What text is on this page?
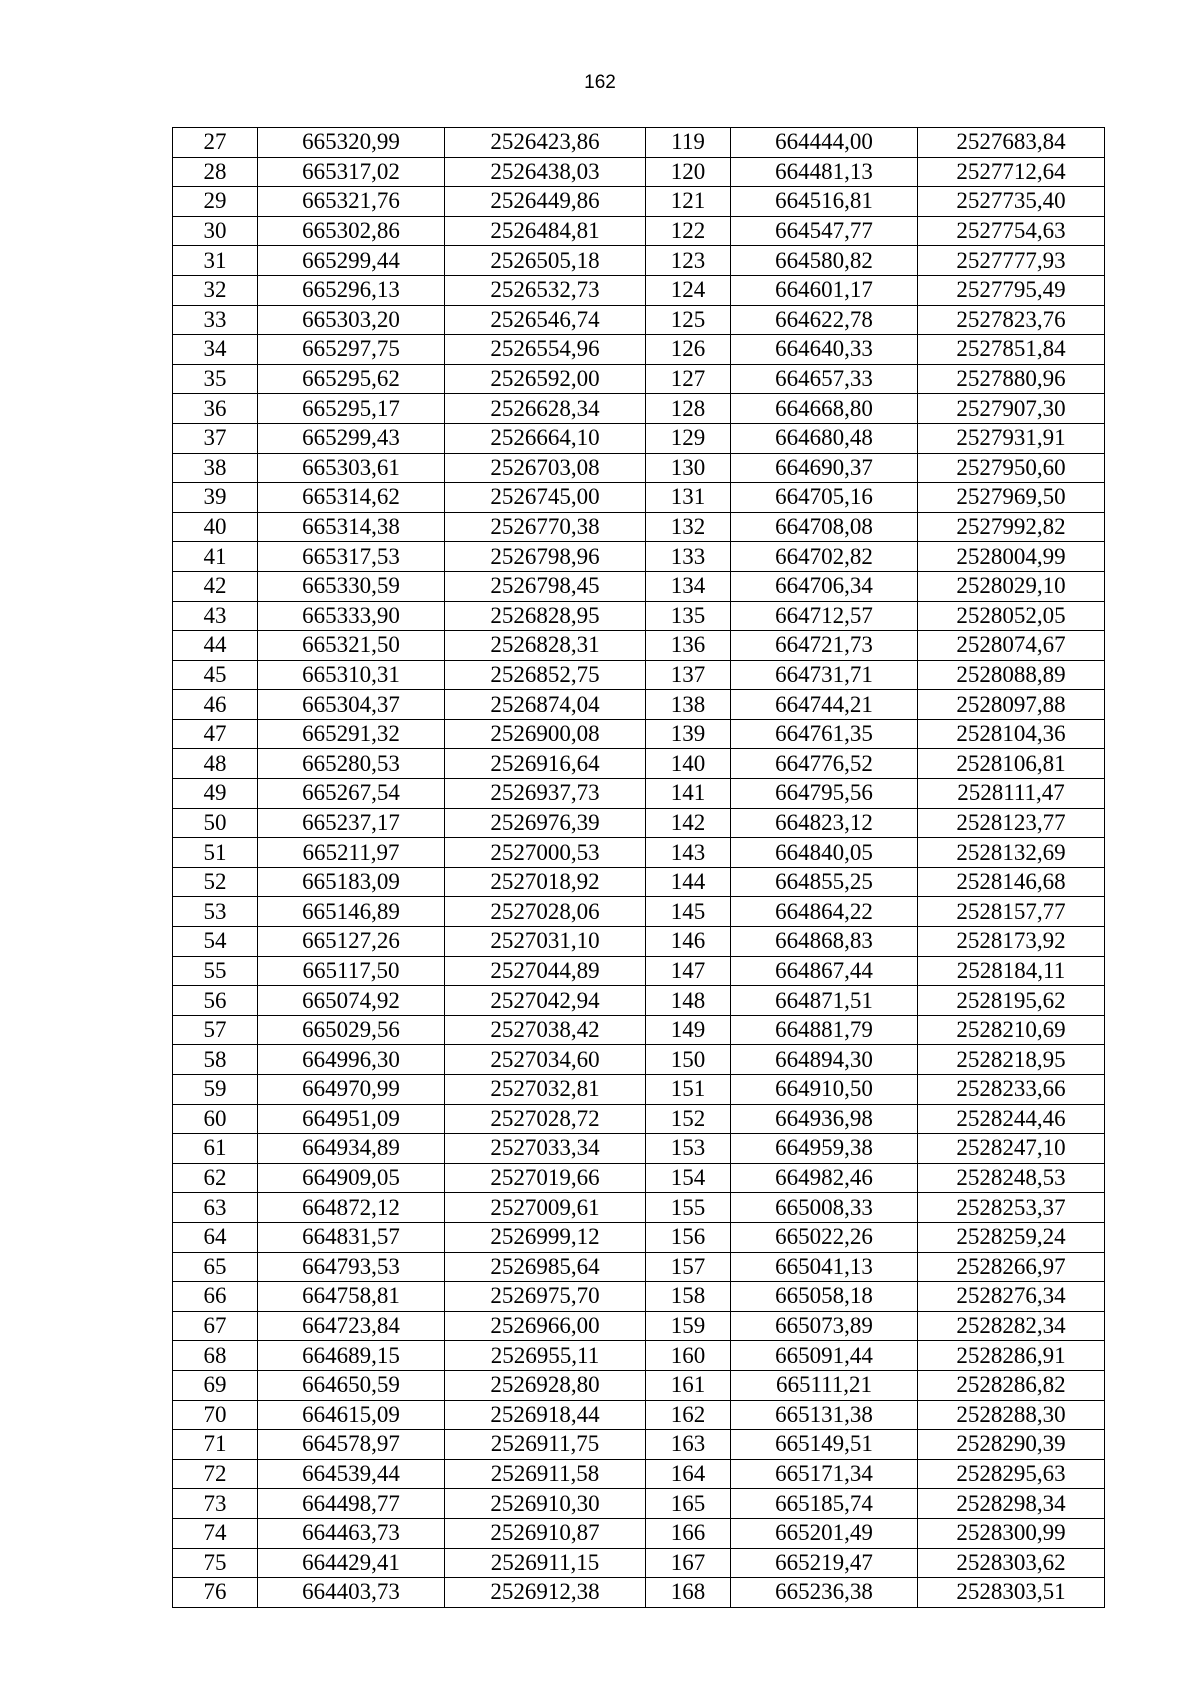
162
27	665320,99	2526423,86	119	664444,00	2527683,84
28	665317,02	2526438,03	120	664481,13	2527712,64
29	665321,76	2526449,86	121	664516,81	2527735,40
30	665302,86	2526484,81	122	664547,77	2527754,63
31	665299,44	2526505,18	123	664580,82	2527777,93
32	665296,13	2526532,73	124	664601,17	2527795,49
33	665303,20	2526546,74	125	664622,78	2527823,76
34	665297,75	2526554,96	126	664640,33	2527851,84
35	665295,62	2526592,00	127	664657,33	2527880,96
36	665295,17	2526628,34	128	664668,80	2527907,30
37	665299,43	2526664,10	129	664680,48	2527931,91
38	665303,61	2526703,08	130	664690,37	2527950,60
39	665314,62	2526745,00	131	664705,16	2527969,50
40	665314,38	2526770,38	132	664708,08	2527992,82
41	665317,53	2526798,96	133	664702,82	2528004,99
42	665330,59	2526798,45	134	664706,34	2528029,10
43	665333,90	2526828,95	135	664712,57	2528052,05
44	665321,50	2526828,31	136	664721,73	2528074,67
45	665310,31	2526852,75	137	664731,71	2528088,89
46	665304,37	2526874,04	138	664744,21	2528097,88
47	665291,32	2526900,08	139	664761,35	2528104,36
48	665280,53	2526916,64	140	664776,52	2528106,81
49	665267,54	2526937,73	141	664795,56	2528111,47
50	665237,17	2526976,39	142	664823,12	2528123,77
51	665211,97	2527000,53	143	664840,05	2528132,69
52	665183,09	2527018,92	144	664855,25	2528146,68
53	665146,89	2527028,06	145	664864,22	2528157,77
54	665127,26	2527031,10	146	664868,83	2528173,92
55	665117,50	2527044,89	147	664867,44	2528184,11
56	665074,92	2527042,94	148	664871,51	2528195,62
57	665029,56	2527038,42	149	664881,79	2528210,69
58	664996,30	2527034,60	150	664894,30	2528218,95
59	664970,99	2527032,81	151	664910,50	2528233,66
60	664951,09	2527028,72	152	664936,98	2528244,46
61	664934,89	2527033,34	153	664959,38	2528247,10
62	664909,05	2527019,66	154	664982,46	2528248,53
63	664872,12	2527009,61	155	665008,33	2528253,37
64	664831,57	2526999,12	156	665022,26	2528259,24
65	664793,53	2526985,64	157	665041,13	2528266,97
66	664758,81	2526975,70	158	665058,18	2528276,34
67	664723,84	2526966,00	159	665073,89	2528282,34
68	664689,15	2526955,11	160	665091,44	2528286,91
69	664650,59	2526928,80	161	665111,21	2528286,82
70	664615,09	2526918,44	162	665131,38	2528288,30
71	664578,97	2526911,75	163	665149,51	2528290,39
72	664539,44	2526911,58	164	665171,34	2528295,63
73	664498,77	2526910,30	165	665185,74	2528298,34
74	664463,73	2526910,87	166	665201,49	2528300,99
75	664429,41	2526911,15	167	665219,47	2528303,62
76	664403,73	2526912,38	168	665236,38	2528303,51
